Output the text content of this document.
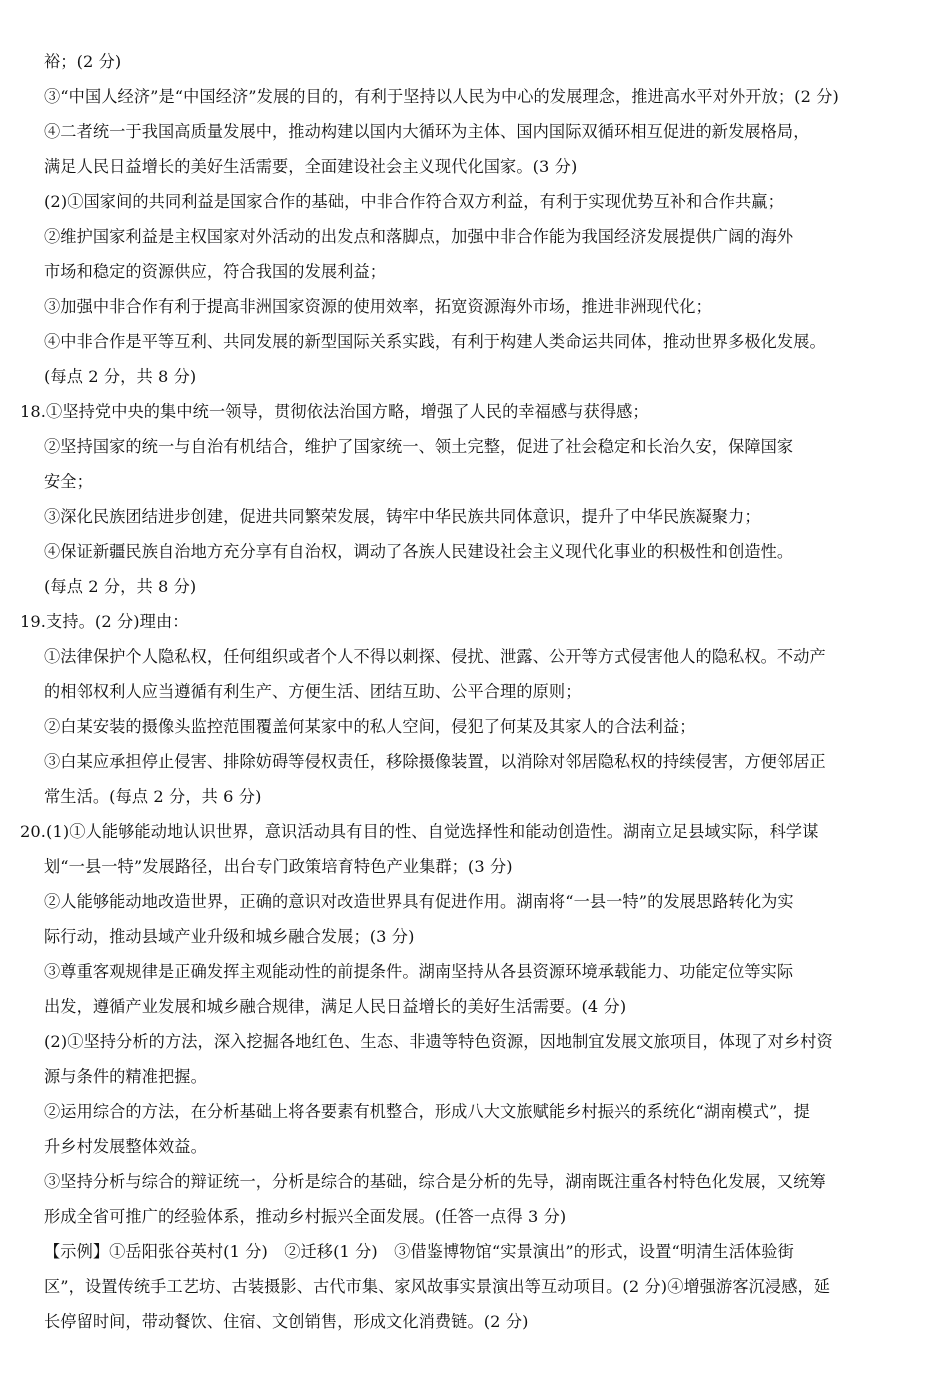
裕；(2 分)
③“中国人经济”是“中国经济”发展的目的，有利于坚持以人民为中心的发展理念，推进高水平对外开放；(2 分)
④二者统一于我国高质量发展中，推动构建以国内大循环为主体、国内国际双循环相互促进的新发展格局，
满足人民日益增长的美好生活需要，全面建设社会主义现代化国家。(3 分)
(2)①国家间的共同利益是国家合作的基础，中非合作符合双方利益，有利于实现优势互补和合作共赢；
②维护国家利益是主权国家对外活动的出发点和落脚点，加强中非合作能为我国经济发展提供广阔的海外
市场和稳定的资源供应，符合我国的发展利益；
③加强中非合作有利于提高非洲国家资源的使用效率，拓宽资源海外市场，推进非洲现代化；
④中非合作是平等互利、共同发展的新型国际关系实践，有利于构建人类命运共同体，推动世界多极化发展。
(每点 2 分，共 8 分)
18.①坚持党中央的集中统一领导，贯彻依法治国方略，增强了人民的幸福感与获得感；
②坚持国家的统一与自治有机结合，维护了国家统一、领土完整，促进了社会稳定和长治久安，保障国家
安全；
③深化民族团结进步创建，促进共同繁荣发展，铸牢中华民族共同体意识，提升了中华民族凝聚力；
④保证新疆民族自治地方充分享有自治权，调动了各族人民建设社会主义现代化事业的积极性和创造性。
(每点 2 分，共 8 分)
19.支持。(2 分)理由：
①法律保护个人隐私权，任何组织或者个人不得以刺探、侵扰、泄露、公开等方式侵害他人的隐私权。不动产
的相邻权利人应当遵循有利生产、方便生活、团结互助、公平合理的原则；
②白某安装的摄像头监控范围覆盖何某家中的私人空间，侵犯了何某及其家人的合法利益；
③白某应承担停止侵害、排除妨碍等侵权责任，移除摄像装置，以消除对邻居隐私权的持续侵害，方便邻居正
常生活。(每点 2 分，共 6 分)
20.(1)①人能够能动地认识世界，意识活动具有目的性、自觉选择性和能动创造性。湖南立足县域实际，科学谋
划“一县一特”发展路径，出台专门政策培育特色产业集群；(3 分)
②人能够能动地改造世界，正确的意识对改造世界具有促进作用。湖南将“一县一特”的发展思路转化为实
际行动，推动县域产业升级和城乡融合发展；(3 分)
③尊重客观规律是正确发挥主观能动性的前提条件。湖南坚持从各县资源环境承载能力、功能定位等实际
出发，遵循产业发展和城乡融合规律，满足人民日益增长的美好生活需要。(4 分)
(2)①坚持分析的方法，深入挖掘各地红色、生态、非遗等特色资源，因地制宜发展文旅项目，体现了对乡村资
源与条件的精准把握。
②运用综合的方法，在分析基础上将各要素有机整合，形成八大文旅赋能乡村振兴的系统化“湖南模式”，提
升乡村发展整体效益。
③坚持分析与综合的辩证统一，分析是综合的基础，综合是分析的先导，湖南既注重各村特色化发展，又统筹
形成全省可推广的经验体系，推动乡村振兴全面发展。(任答一点得 3 分)
【示例】①岳阳张谷英村(1 分)　②迁移(1 分)　③借鉴博物馆“实景演出”的形式，设置“明清生活体验街
区”，设置传统手工艺坊、古装摄影、古代市集、家风故事实景演出等互动项目。(2 分)④增强游客沉浸感，延
长停留时间，带动餐饮、住宿、文创销售，形成文化消费链。(2 分)
